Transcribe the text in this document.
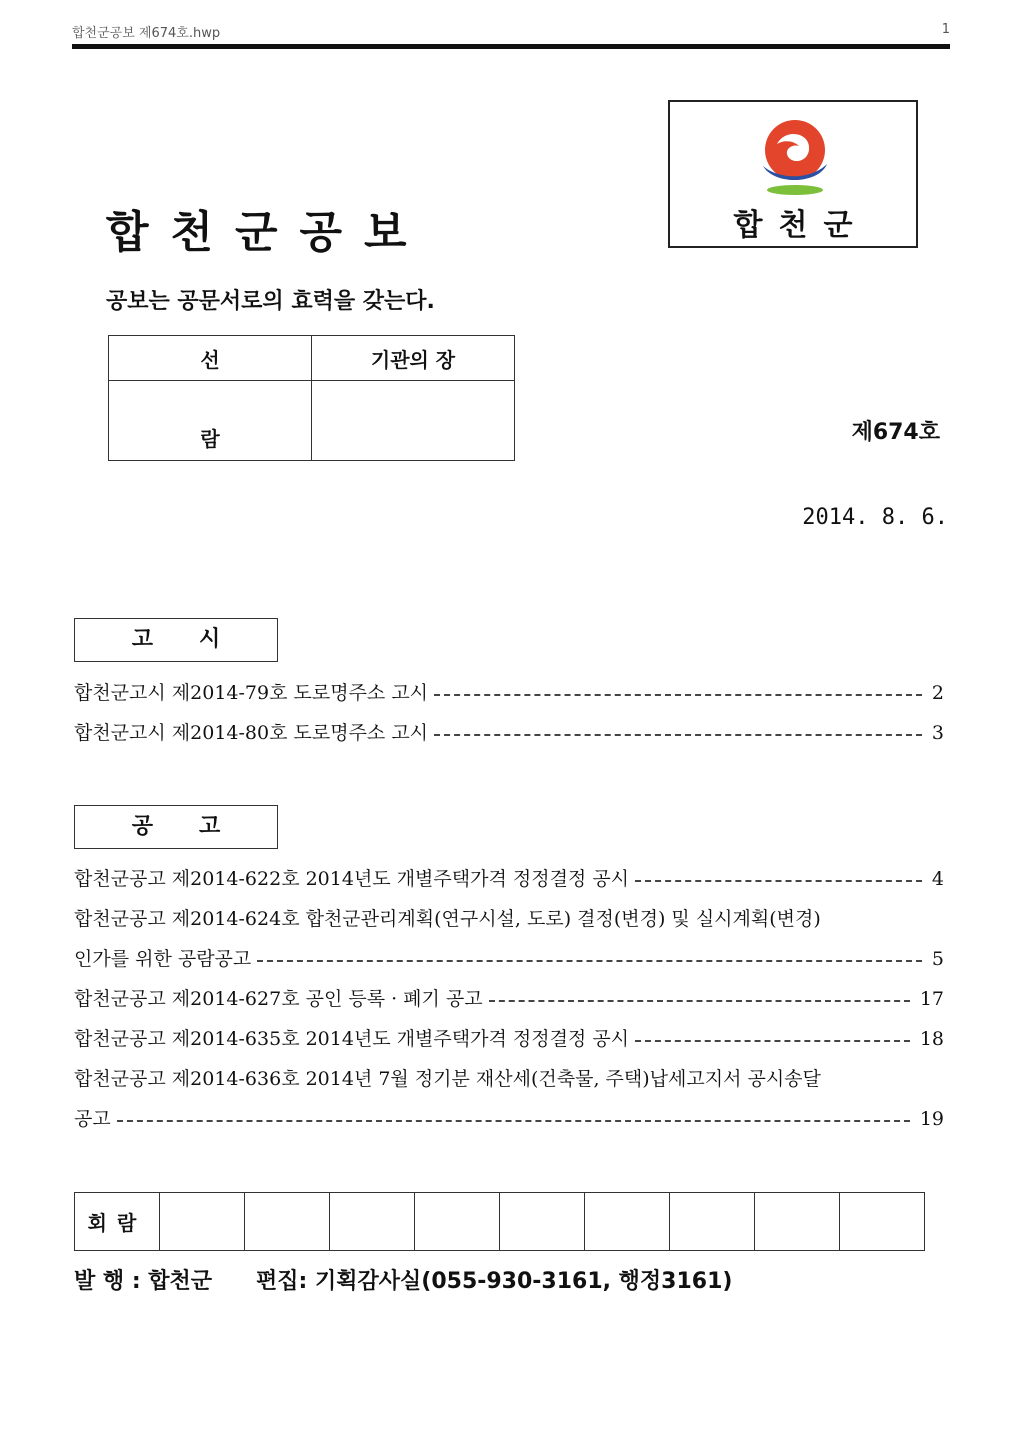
합천군공보 제674호.hwp	1
합천군공보
공보는 공문서로의 효력을 갖는다.
합천군
선	기관의 장
람		제674호
2014. 8. 6.
고시
합천군고시 제2014-79호 도로명주소 고시	2
합천군고시 제2014-80호 도로명주소 고시	3
공고
합천군공고 제2014-622호 2014년도 개별주택가격 정정결정 공시	4
합천군공고 제2014-624호 합천군관리계획(연구시설, 도로) 결정(변경) 및 실시계획(변경)
인가를 위한 공람공고	5
합천군공고 제2014-627호 공인 등록 · 폐기 공고	17
합천군공고 제2014-635호 2014년도 개별주택가격 정정결정 공시	18
합천군공고 제2014-636호 2014년 7월 정기분 재산세(건축물, 주택)납세고지서 공시송달
공고	19
회람									
발 행 : 합천군 편집: 기획감사실(055-930-3161, 행정3161)
